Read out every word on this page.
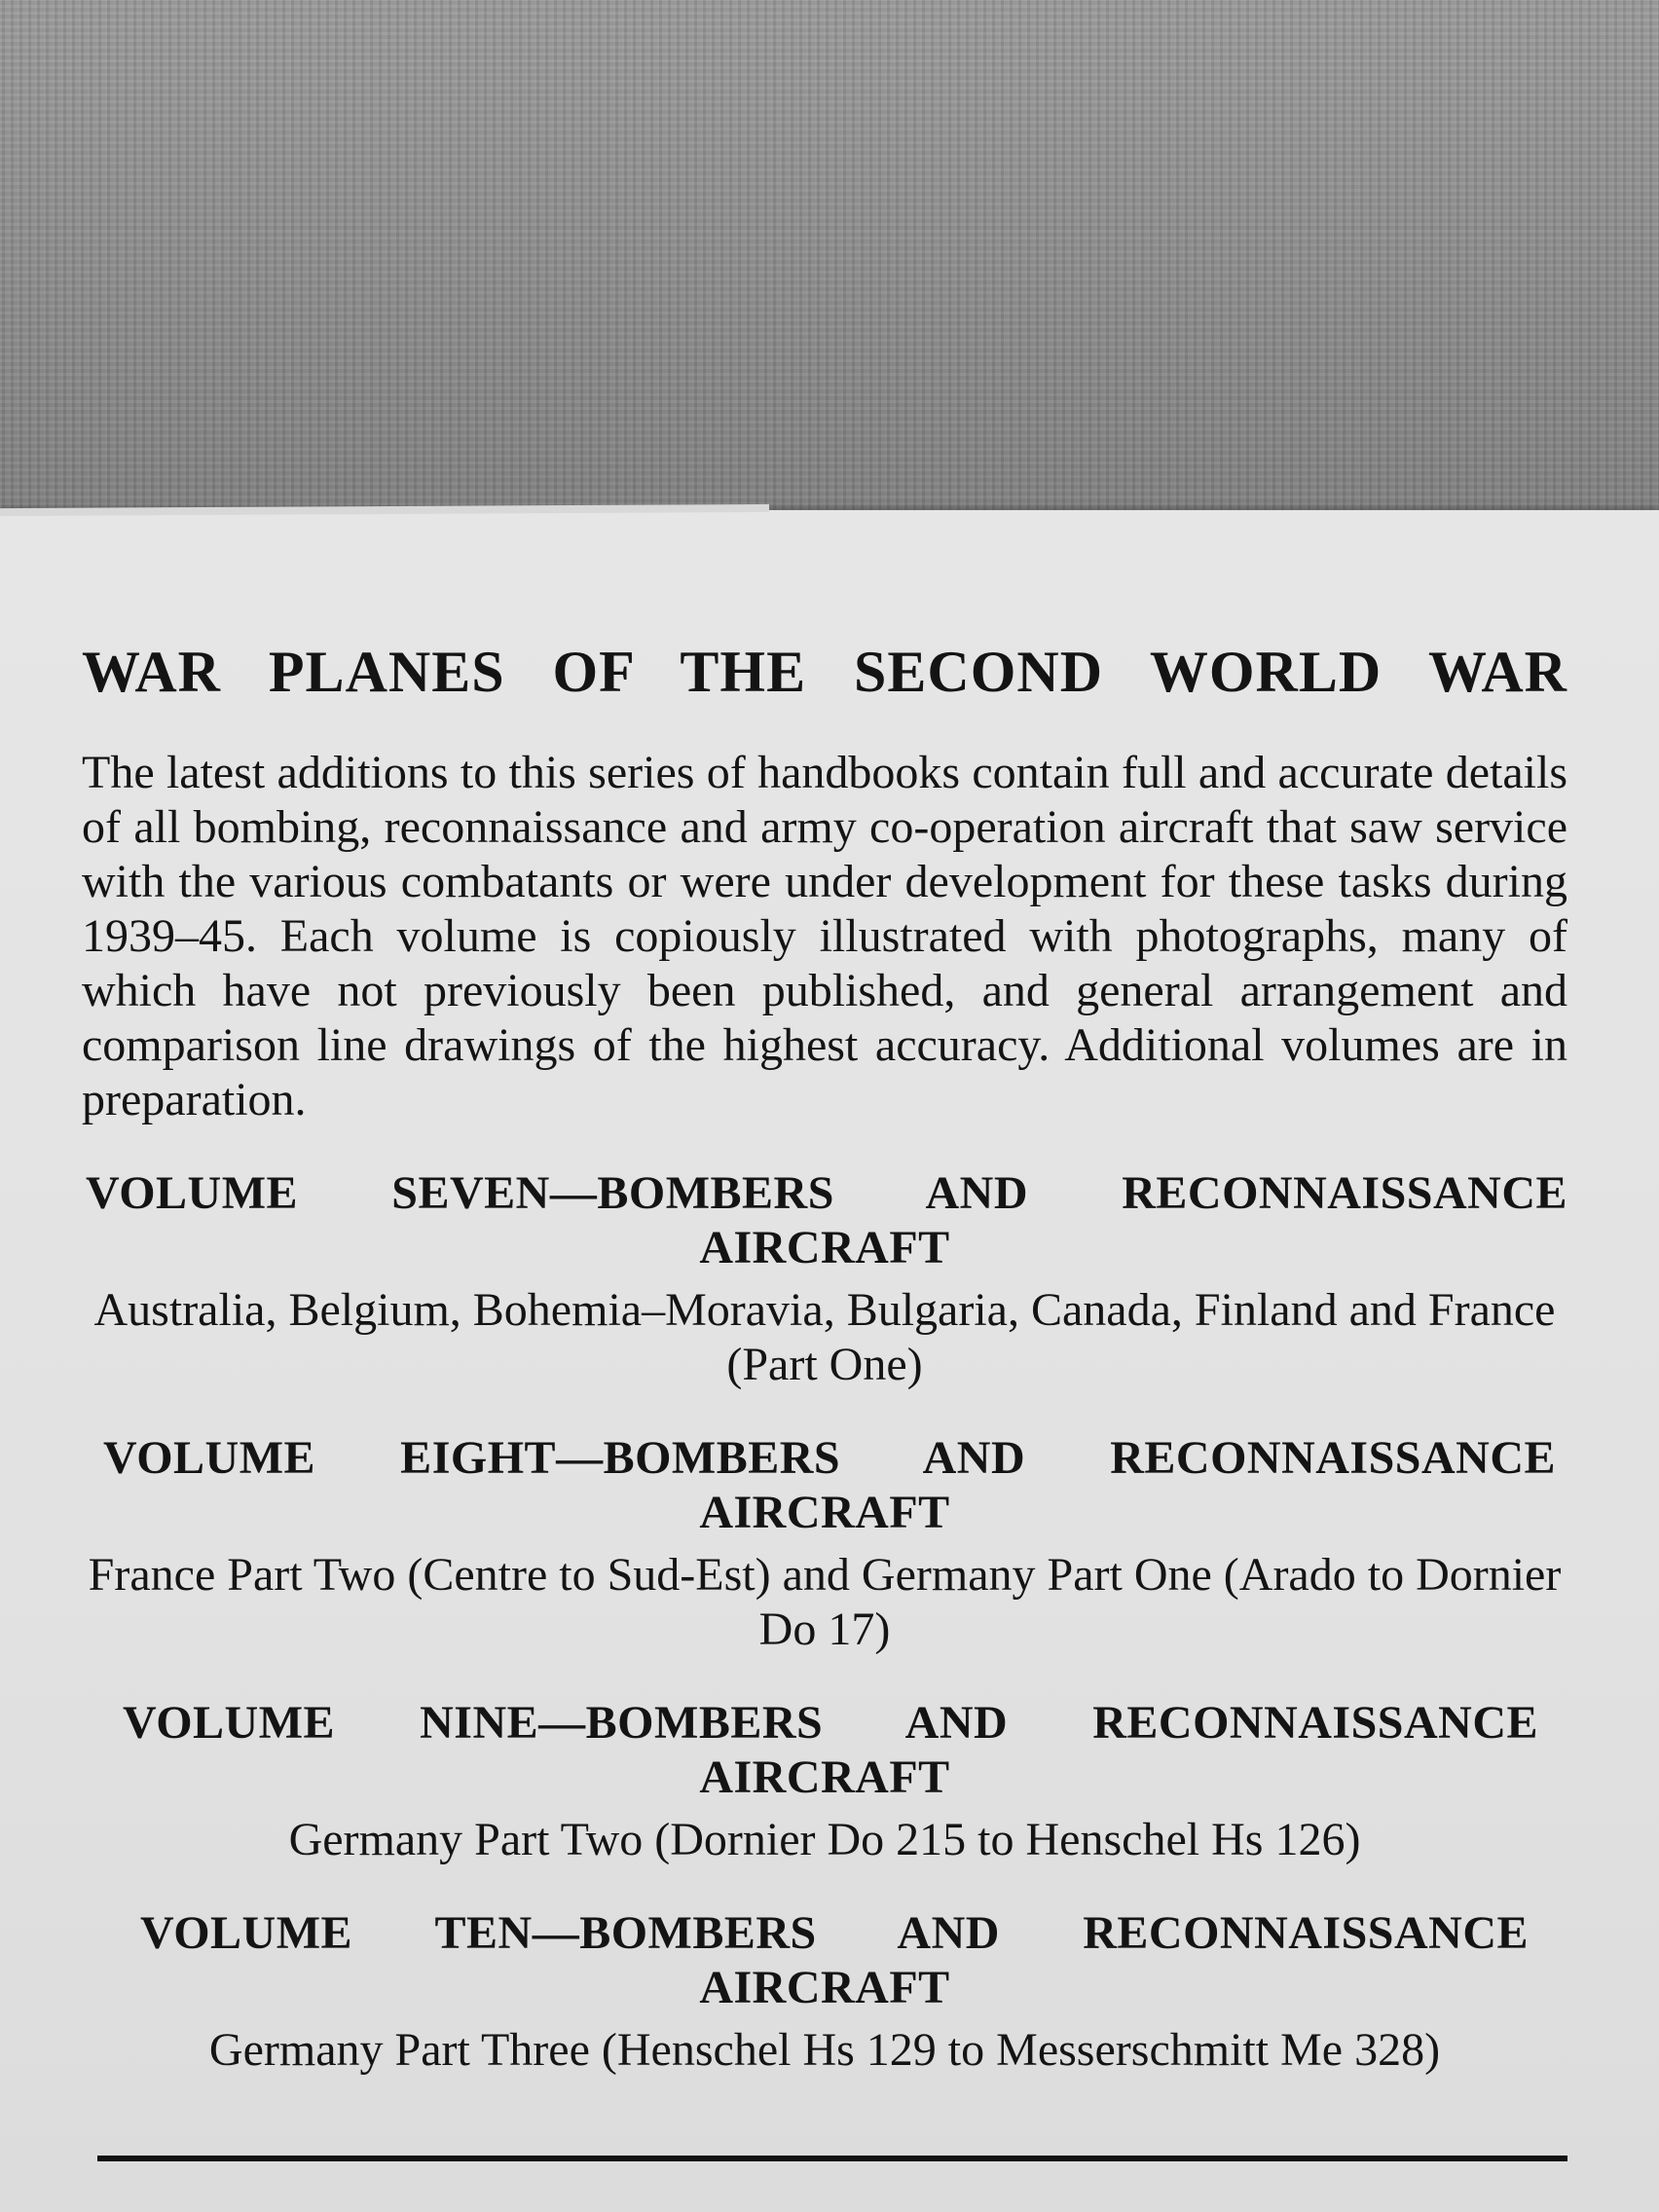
WAR PLANES OF THE SECOND WORLD WAR

The latest additions to this series of handbooks contain full and accurate details of all bombing, reconnaissance and army co-operation aircraft that saw service with the various combatants or were under development for these tasks during 1939–45. Each volume is copiously illustrated with photographs, many of which have not previously been published, and general arrangement and comparison line drawings of the highest accuracy. Additional volumes are in preparation.

VOLUME SEVEN—BOMBERS AND RECONNAISSANCE
AIRCRAFT
Australia, Belgium, Bohemia–Moravia, Bulgaria, Canada, Finland and France (Part One)
VOLUME EIGHT—BOMBERS AND RECONNAISSANCE
AIRCRAFT
France Part Two (Centre to Sud-Est) and Germany Part One (Arado to Dornier Do 17)
VOLUME NINE—BOMBERS AND RECONNAISSANCE
AIRCRAFT
Germany Part Two (Dornier Do 215 to Henschel Hs 126)
VOLUME TEN—BOMBERS AND RECONNAISSANCE
AIRCRAFT
Germany Part Three (Henschel Hs 129 to Messerschmitt Me 328)
